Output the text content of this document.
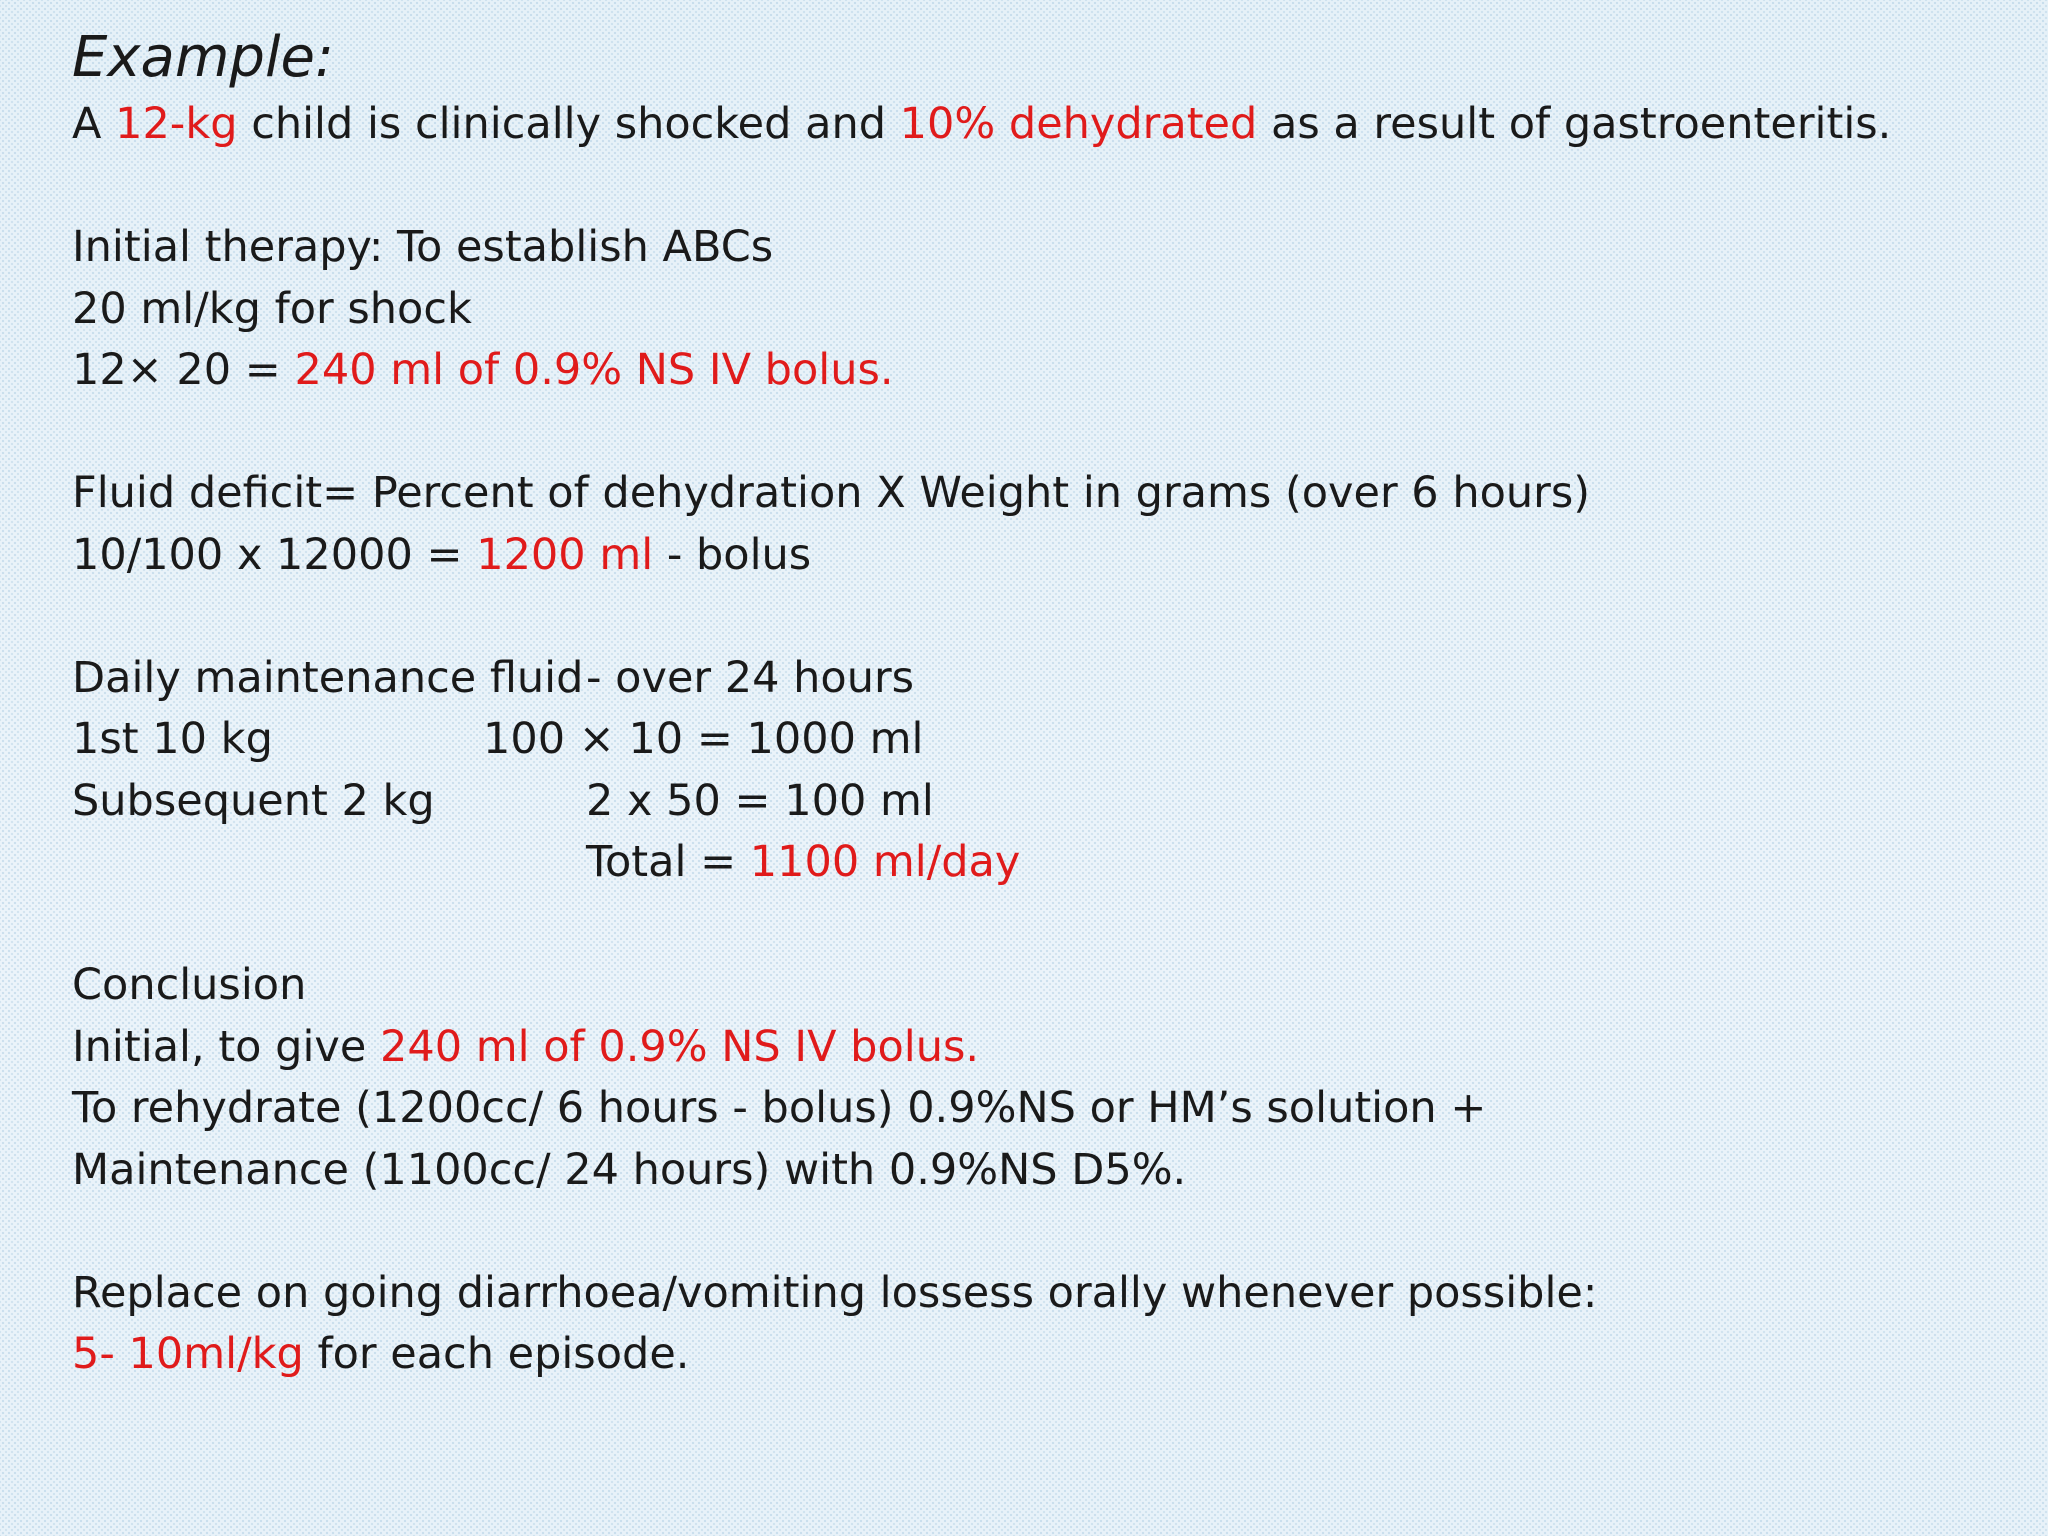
Example:
A 12-kg child is clinically shocked and 10% dehydrated as a result of gastroenteritis.
Initial therapy: To establish ABCs
20 ml/kg for shock
12× 20 = 240 ml of 0.9% NS IV bolus.
Fluid deficit= Percent of dehydration X Weight in grams (over 6 hours)
10/100 x 12000 = 1200 ml - bolus
Daily maintenance fluid - over 24 hours
1st 10 kg	100 × 10 = 1000 ml
Subsequent 2 kg	2 x 50 = 100 ml
Total = 1100 ml/day
Conclusion
Initial, to give 240 ml of 0.9% NS IV bolus.
To rehydrate (1200cc/ 6 hours - bolus) 0.9%NS or HM’s solution +
Maintenance (1100cc/ 24 hours) with 0.9%NS D5%.
Replace on going diarrhoea/vomiting lossess orally whenever possible:
5- 10ml/kg for each episode.
